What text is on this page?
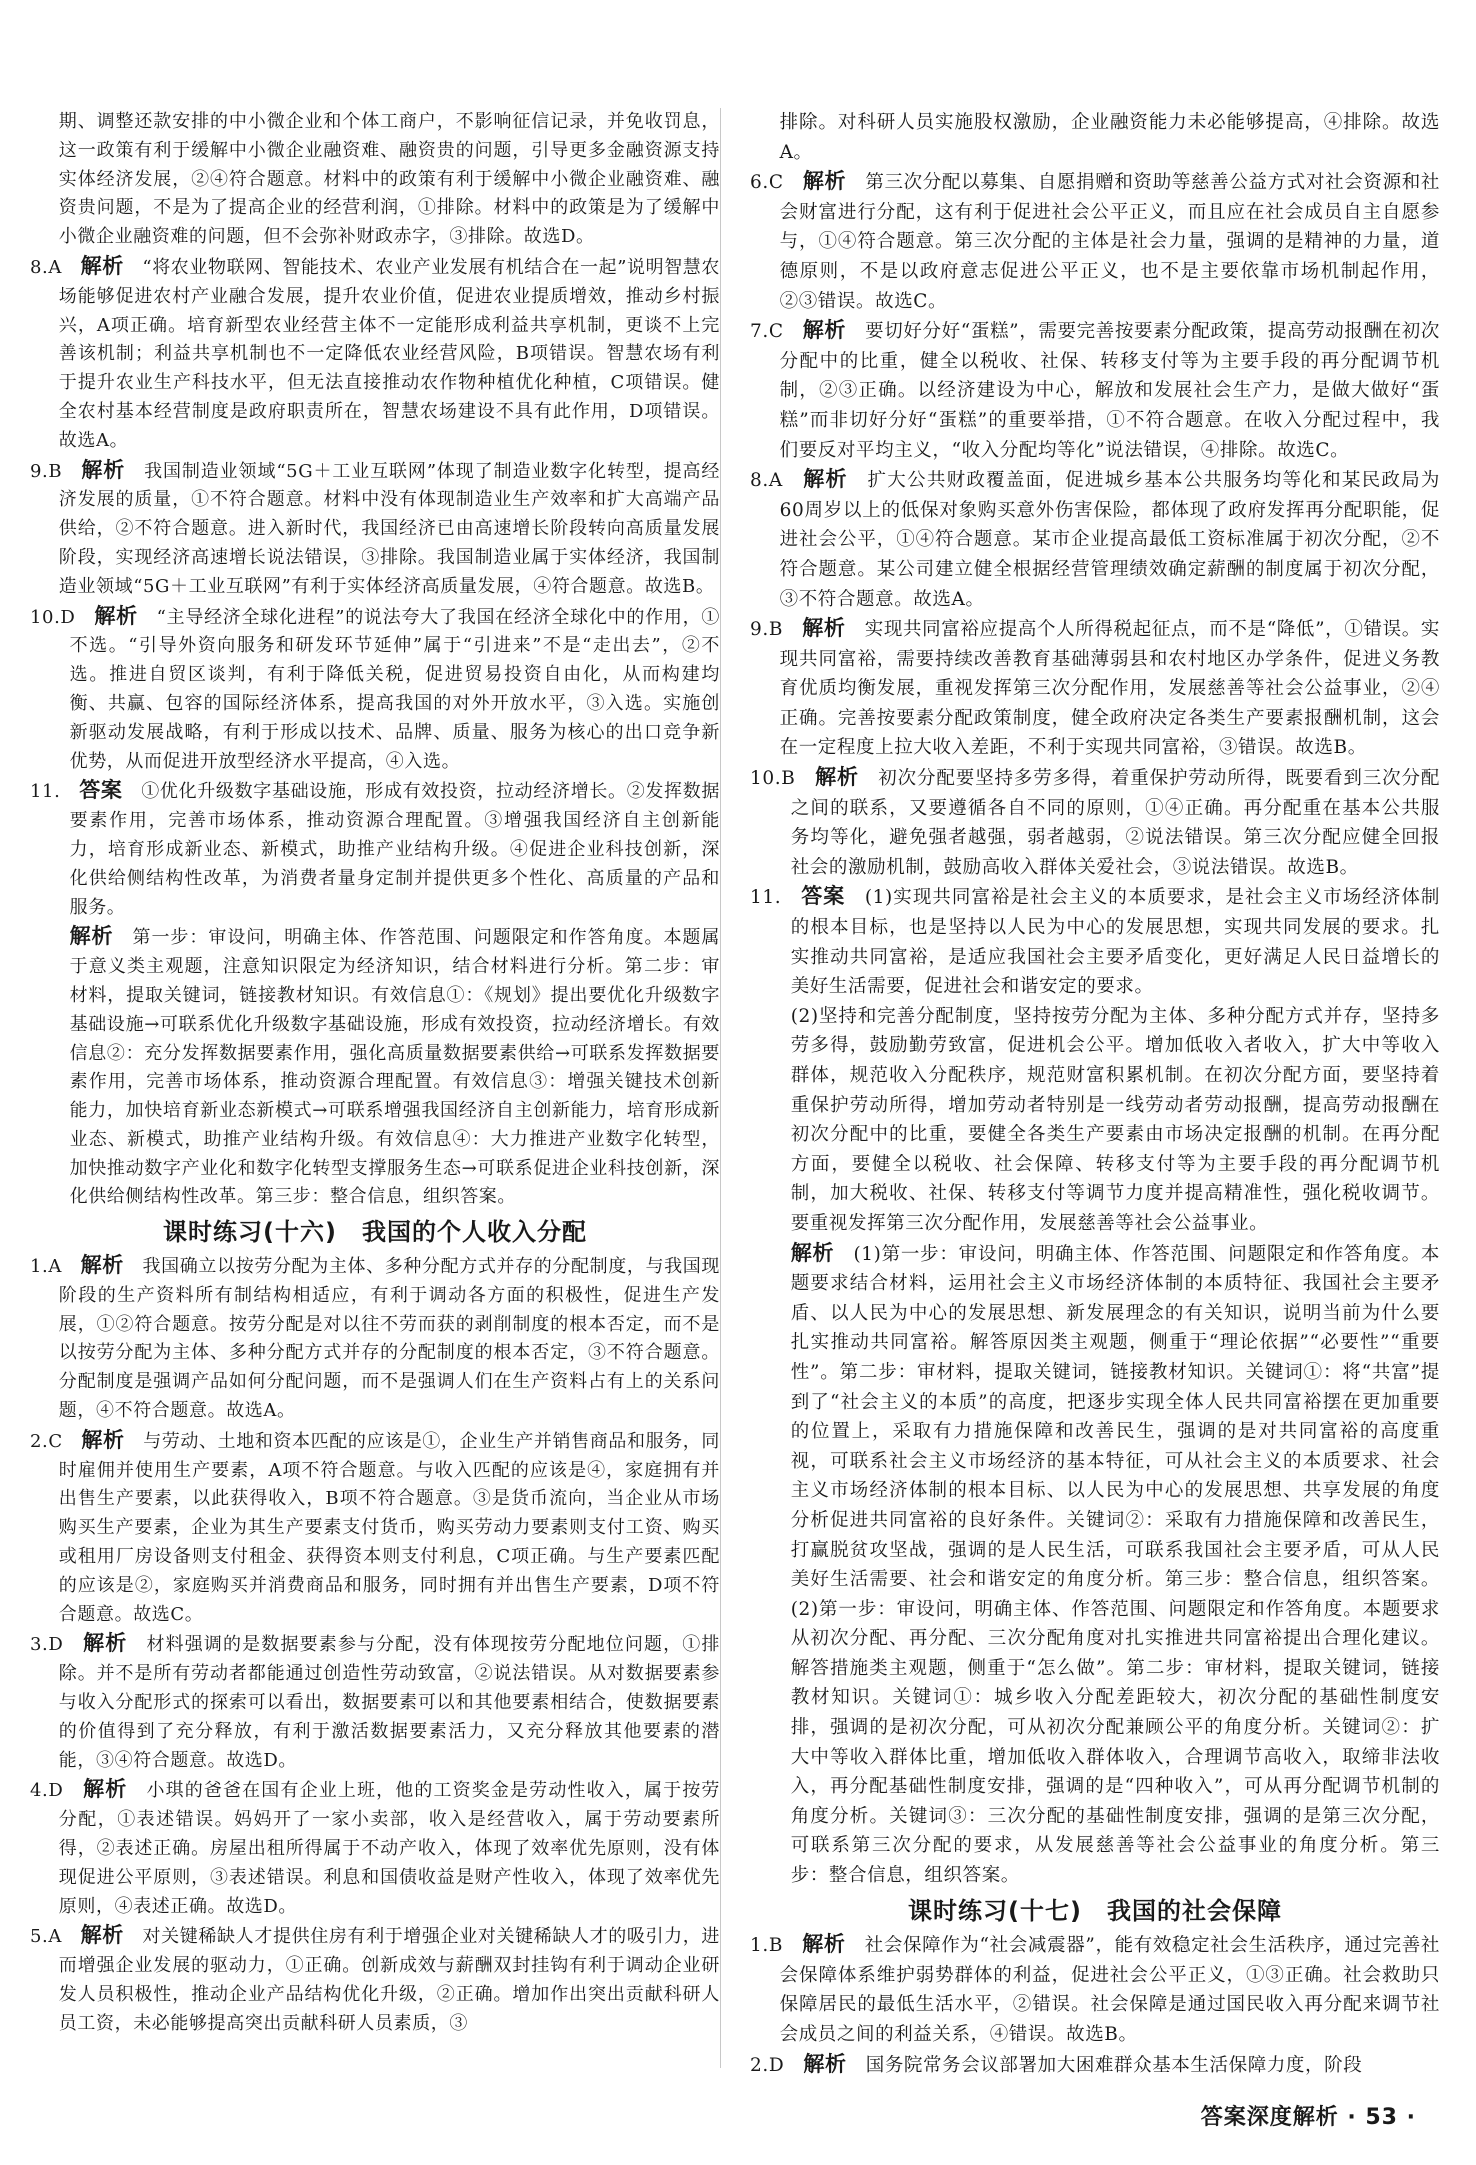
期、调整还款安排的中小微企业和个体工商户，不影响征信记录，并免收罚息，这一政策有利于缓解中小微企业融资难、融资贵的问题，引导更多金融资源支持实体经济发展，②④符合题意。材料中的政策有利于缓解中小微企业融资难、融资贵问题，不是为了提高企业的经营利润，①排除。材料中的政策是为了缓解中小微企业融资难的问题，但不会弥补财政赤字，③排除。故选D。

8.A　 解析　 “将农业物联网、智能技术、农业产业发展有机结合在一起”说明智慧农场能够促进农村产业融合发展，提升农业价值，促进农业提质增效，推动乡村振兴，A项正确。培育新型农业经营主体不一定能形成利益共享机制，更谈不上完善该机制；利益共享机制也不一定降低农业经营风险，B项错误。智慧农场有利于提升农业生产科技水平，但无法直接推动农作物种植优化种植，C项错误。健全农村基本经营制度是政府职责所在，智慧农场建设不具有此作用，D项错误。故选A。

9.B　 解析　 我国制造业领域“5G＋工业互联网”体现了制造业数字化转型，提高经济发展的质量，①不符合题意。材料中没有体现制造业生产效率和扩大高端产品供给，②不符合题意。进入新时代，我国经济已由高速增长阶段转向高质量发展阶段，实现经济高速增长说法错误，③排除。我国制造业属于实体经济，我国制造业领域“5G＋工业互联网”有利于实体经济高质量发展，④符合题意。故选B。

10.D　 解析　 “主导经济全球化进程”的说法夸大了我国在经济全球化中的作用，①不选。“引导外资向服务和研发环节延伸”属于“引进来”不是“走出去”，②不选。推进自贸区谈判，有利于降低关税，促进贸易投资自由化，从而构建均衡、共赢、包容的国际经济体系，提高我国的对外开放水平，③入选。实施创新驱动发展战略，有利于形成以技术、品牌、质量、服务为核心的出口竞争新优势，从而促进开放型经济水平提高，④入选。

11.　 答案　 ①优化升级数字基础设施，形成有效投资，拉动经济增长。②发挥数据要素作用，完善市场体系，推动资源合理配置。③增强我国经济自主创新能力，培育形成新业态、新模式，助推产业结构升级。④促进企业科技创新，深化供给侧结构性改革，为消费者量身定制并提供更多个性化、高质量的产品和服务。

解析　 第一步：审设问，明确主体、作答范围、问题限定和作答角度。本题属于意义类主观题，注意知识限定为经济知识，结合材料进行分析。第二步：审材料，提取关键词，链接教材知识。有效信息①：《规划》提出要优化升级数字基础设施→可联系优化升级数字基础设施，形成有效投资，拉动经济增长。有效信息②：充分发挥数据要素作用，强化高质量数据要素供给→可联系发挥数据要素作用，完善市场体系，推动资源合理配置。有效信息③：增强关键技术创新能力，加快培育新业态新模式→可联系增强我国经济自主创新能力，培育形成新业态、新模式，助推产业结构升级。有效信息④：大力推进产业数字化转型，加快推动数字产业化和数字化转型支撑服务生态→可联系促进企业科技创新，深化供给侧结构性改革。第三步：整合信息，组织答案。

课时练习(十六)　我国的个人收入分配

1.A　 解析　 我国确立以按劳分配为主体、多种分配方式并存的分配制度，与我国现阶段的生产资料所有制结构相适应，有利于调动各方面的积极性，促进生产发展，①②符合题意。按劳分配是对以往不劳而获的剥削制度的根本否定，而不是以按劳分配为主体、多种分配方式并存的分配制度的根本否定，③不符合题意。分配制度是强调产品如何分配问题，而不是强调人们在生产资料占有上的关系问题，④不符合题意。故选A。

2.C　 解析　 与劳动、土地和资本匹配的应该是①，企业生产并销售商品和服务，同时雇佣并使用生产要素，A项不符合题意。与收入匹配的应该是④，家庭拥有并出售生产要素，以此获得收入，B项不符合题意。③是货币流向，当企业从市场购买生产要素，企业为其生产要素支付货币，购买劳动力要素则支付工资、购买或租用厂房设备则支付租金、获得资本则支付利息，C项正确。与生产要素匹配的应该是②，家庭购买并消费商品和服务，同时拥有并出售生产要素，D项不符合题意。故选C。

3.D　 解析　 材料强调的是数据要素参与分配，没有体现按劳分配地位问题，①排除。并不是所有劳动者都能通过创造性劳动致富，②说法错误。从对数据要素参与收入分配形式的探索可以看出，数据要素可以和其他要素相结合，使数据要素的价值得到了充分释放，有利于激活数据要素活力，又充分释放其他要素的潜能，③④符合题意。故选D。

4.D　 解析　 小琪的爸爸在国有企业上班，他的工资奖金是劳动性收入，属于按劳分配，①表述错误。妈妈开了一家小卖部，收入是经营收入，属于劳动要素所得，②表述正确。房屋出租所得属于不动产收入，体现了效率优先原则，没有体现促进公平原则，③表述错误。利息和国债收益是财产性收入，体现了效率优先原则，④表述正确。故选D。

5.A　 解析　 对关键稀缺人才提供住房有利于增强企业对关键稀缺人才的吸引力，进而增强企业发展的驱动力，①正确。创新成效与薪酬双封挂钩有利于调动企业研发人员积极性，推动企业产品结构优化升级，②正确。增加作出突出贡献科研人员工资，未必能够提高突出贡献科研人员素质，③

排除。对科研人员实施股权激励，企业融资能力未必能够提高，④排除。故选A。

6.C　 解析　 第三次分配以募集、自愿捐赠和资助等慈善公益方式对社会资源和社会财富进行分配，这有利于促进社会公平正义，而且应在社会成员自主自愿参与，①④符合题意。第三次分配的主体是社会力量，强调的是精神的力量，道德原则，不是以政府意志促进公平正义，也不是主要依靠市场机制起作用，②③错误。故选C。

7.C　 解析　 要切好分好“蛋糕”，需要完善按要素分配政策，提高劳动报酬在初次分配中的比重，健全以税收、社保、转移支付等为主要手段的再分配调节机制，②③正确。以经济建设为中心，解放和发展社会生产力，是做大做好“蛋糕”而非切好分好“蛋糕”的重要举措，①不符合题意。在收入分配过程中，我们要反对平均主义，“收入分配均等化”说法错误，④排除。故选C。

8.A　 解析　 扩大公共财政覆盖面，促进城乡基本公共服务均等化和某民政局为60周岁以上的低保对象购买意外伤害保险，都体现了政府发挥再分配职能，促进社会公平，①④符合题意。某市企业提高最低工资标准属于初次分配，②不符合题意。某公司建立健全根据经营管理绩效确定薪酬的制度属于初次分配，③不符合题意。故选A。

9.B　 解析　 实现共同富裕应提高个人所得税起征点，而不是“降低”，①错误。实现共同富裕，需要持续改善教育基础薄弱县和农村地区办学条件，促进义务教育优质均衡发展，重视发挥第三次分配作用，发展慈善等社会公益事业，②④正确。完善按要素分配政策制度，健全政府决定各类生产要素报酬机制，这会在一定程度上拉大收入差距，不利于实现共同富裕，③错误。故选B。

10.B　 解析　 初次分配要坚持多劳多得，着重保护劳动所得，既要看到三次分配之间的联系，又要遵循各自不同的原则，①④正确。再分配重在基本公共服务均等化，避免强者越强，弱者越弱，②说法错误。第三次分配应健全回报社会的激励机制，鼓励高收入群体关爱社会，③说法错误。故选B。

11.　 答案　 (1)实现共同富裕是社会主义的本质要求，是社会主义市场经济体制的根本目标，也是坚持以人民为中心的发展思想，实现共同发展的要求。扎实推动共同富裕，是适应我国社会主要矛盾变化，更好满足人民日益增长的美好生活需要，促进社会和谐安定的要求。

(2)坚持和完善分配制度，坚持按劳分配为主体、多种分配方式并存，坚持多劳多得，鼓励勤劳致富，促进机会公平。增加低收入者收入，扩大中等收入群体，规范收入分配秩序，规范财富积累机制。在初次分配方面，要坚持着重保护劳动所得，增加劳动者特别是一线劳动者劳动报酬，提高劳动报酬在初次分配中的比重，要健全各类生产要素由市场决定报酬的机制。在再分配方面，要健全以税收、社会保障、转移支付等为主要手段的再分配调节机制，加大税收、社保、转移支付等调节力度并提高精准性，强化税收调节。要重视发挥第三次分配作用，发展慈善等社会公益事业。

解析　 (1)第一步：审设问，明确主体、作答范围、问题限定和作答角度。本题要求结合材料，运用社会主义市场经济体制的本质特征、我国社会主要矛盾、以人民为中心的发展思想、新发展理念的有关知识，说明当前为什么要扎实推动共同富裕。解答原因类主观题，侧重于“理论依据”“必要性”“重要性”。第二步：审材料，提取关键词，链接教材知识。关键词①：将“共富”提到了“社会主义的本质”的高度，把逐步实现全体人民共同富裕摆在更加重要的位置上，采取有力措施保障和改善民生，强调的是对共同富裕的高度重视，可联系社会主义市场经济的基本特征，可从社会主义的本质要求、社会主义市场经济体制的根本目标、以人民为中心的发展思想、共享发展的角度分析促进共同富裕的良好条件。关键词②：采取有力措施保障和改善民生，打赢脱贫攻坚战，强调的是人民生活，可联系我国社会主要矛盾，可从人民美好生活需要、社会和谐安定的角度分析。第三步：整合信息，组织答案。(2)第一步：审设问，明确主体、作答范围、问题限定和作答角度。本题要求从初次分配、再分配、三次分配角度对扎实推进共同富裕提出合理化建议。解答措施类主观题，侧重于“怎么做”。第二步：审材料，提取关键词，链接教材知识。关键词①：城乡收入分配差距较大，初次分配的基础性制度安排，强调的是初次分配，可从初次分配兼顾公平的角度分析。关键词②：扩大中等收入群体比重，增加低收入群体收入，合理调节高收入，取缔非法收入，再分配基础性制度安排，强调的是“四种收入”，可从再分配调节机制的角度分析。关键词③：三次分配的基础性制度安排，强调的是第三次分配，可联系第三次分配的要求，从发展慈善等社会公益事业的角度分析。第三步：整合信息，组织答案。

课时练习(十七)　我国的社会保障

1.B　 解析　 社会保障作为“社会减震器”，能有效稳定社会生活秩序，通过完善社会保障体系维护弱势群体的利益，促进社会公平正义，①③正确。社会救助只保障居民的最低生活水平，②错误。社会保障是通过国民收入再分配来调节社会成员之间的利益关系，④错误。故选B。

2.D　 解析　 国务院常务会议部署加大困难群众基本生活保障力度，阶段

答案深度解析 · 53 ·
